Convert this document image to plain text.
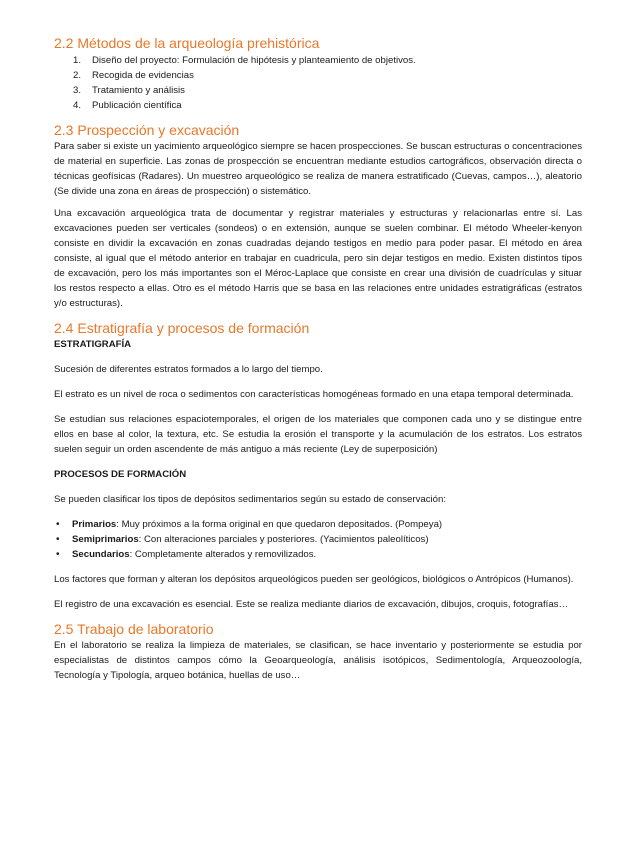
2.2 Métodos de la arqueología prehistórica
1. Diseño del proyecto: Formulación de hipótesis y planteamiento de objetivos.
2. Recogida de evidencias
3. Tratamiento y análisis
4. Publicación científica
2.3 Prospección y excavación

Para saber si existe un yacimiento arqueológico siempre se hacen prospecciones. Se buscan estructuras o concentraciones de material en superficie. Las zonas de prospección se encuentran mediante estudios cartográficos, observación directa o técnicas geofísicas (Radares). Un muestreo arqueológico se realiza de manera estratificado (Cuevas, campos…), aleatorio (Se divide una zona en áreas de prospección) o sistemático.

Una excavación arqueológica trata de documentar y registrar materiales y estructuras y relacionarlas entre sí. Las excavaciones pueden ser verticales (sondeos) o en extensión, aunque se suelen combinar. El método Wheeler-kenyon consiste en dividir la excavación en zonas cuadradas dejando testigos en medio para poder pasar. El método en área consiste, al igual que el método anterior en trabajar en cuadricula, pero sin dejar testigos en medio. Existen distintos tipos de excavación, pero los más importantes son el Méroc-Laplace que consiste en crear una división de cuadrículas y situar los restos respecto a ellas. Otro es el método Harris que se basa en las relaciones entre unidades estratigráficas (estratos y/o estructuras).

2.4 Estratigrafía y procesos de formación

ESTRATIGRAFÍA

Sucesión de diferentes estratos formados a lo largo del tiempo.

El estrato es un nivel de roca o sedimentos con características homogéneas formado en una etapa temporal determinada.

Se estudian sus relaciones espaciotemporales, el origen de los materiales que componen cada uno y se distingue entre ellos en base al color, la textura, etc. Se estudia la erosión el transporte y la acumulación de los estratos. Los estratos suelen seguir un orden ascendente de más antiguo a más reciente (Ley de superposición)

PROCESOS DE FORMACIÓN

Se pueden clasificar los tipos de depósitos sedimentarios según su estado de conservación:

• Primarios: Muy próximos a la forma original en que quedaron depositados. (Pompeya)
• Semiprimarios: Con alteraciones parciales y posteriores. (Yacimientos paleolíticos)
• Secundarios: Completamente alterados y removilizados.

Los factores que forman y alteran los depósitos arqueológicos pueden ser geológicos, biológicos o Antrópicos (Humanos).

El registro de una excavación es esencial. Este se realiza mediante diarios de excavación, dibujos, croquis, fotografías…

2.5 Trabajo de laboratorio

En el laboratorio se realiza la limpieza de materiales, se clasifican, se hace inventario y posteriormente se estudia por especialistas de distintos campos cómo la Geoarqueología, análisis isotópicos, Sedimentología, Arqueozoología, Tecnología y Tipología, arqueo botánica, huellas de uso…
